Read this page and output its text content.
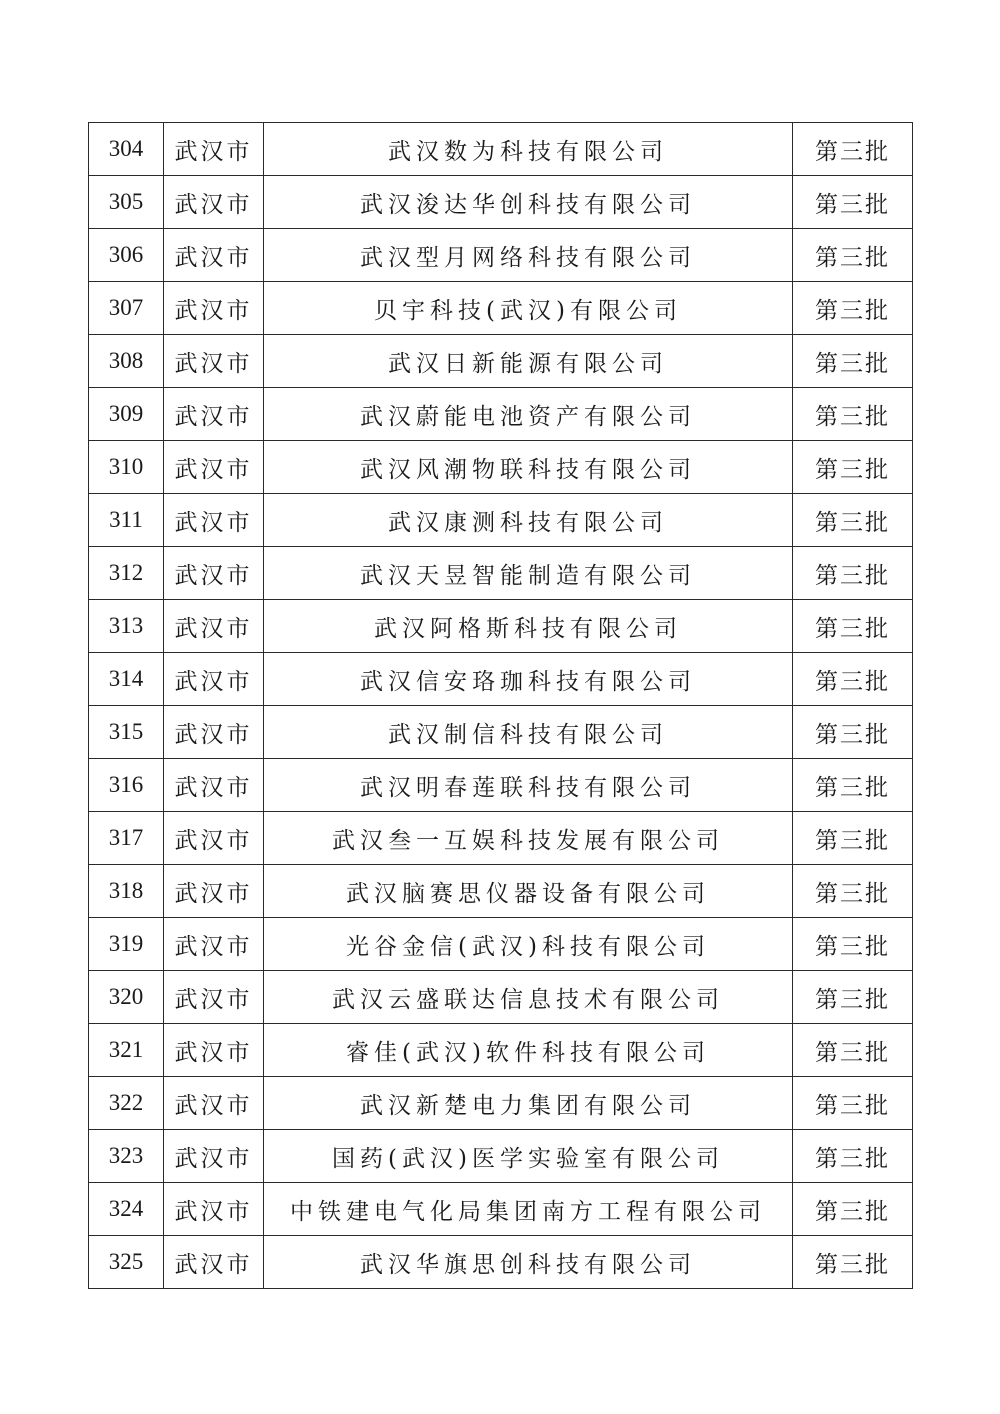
304	武汉市	武汉数为科技有限公司	第三批
305	武汉市	武汉浚达华创科技有限公司	第三批
306	武汉市	武汉型月网络科技有限公司	第三批
307	武汉市	贝宇科技(武汉)有限公司	第三批
308	武汉市	武汉日新能源有限公司	第三批
309	武汉市	武汉蔚能电池资产有限公司	第三批
310	武汉市	武汉风潮物联科技有限公司	第三批
311	武汉市	武汉康测科技有限公司	第三批
312	武汉市	武汉天昱智能制造有限公司	第三批
313	武汉市	武汉阿格斯科技有限公司	第三批
314	武汉市	武汉信安珞珈科技有限公司	第三批
315	武汉市	武汉制信科技有限公司	第三批
316	武汉市	武汉明春莲联科技有限公司	第三批
317	武汉市	武汉叁一互娱科技发展有限公司	第三批
318	武汉市	武汉脑赛思仪器设备有限公司	第三批
319	武汉市	光谷金信(武汉)科技有限公司	第三批
320	武汉市	武汉云盛联达信息技术有限公司	第三批
321	武汉市	睿佳(武汉)软件科技有限公司	第三批
322	武汉市	武汉新楚电力集团有限公司	第三批
323	武汉市	国药(武汉)医学实验室有限公司	第三批
324	武汉市	中铁建电气化局集团南方工程有限公司	第三批
325	武汉市	武汉华旗思创科技有限公司	第三批
